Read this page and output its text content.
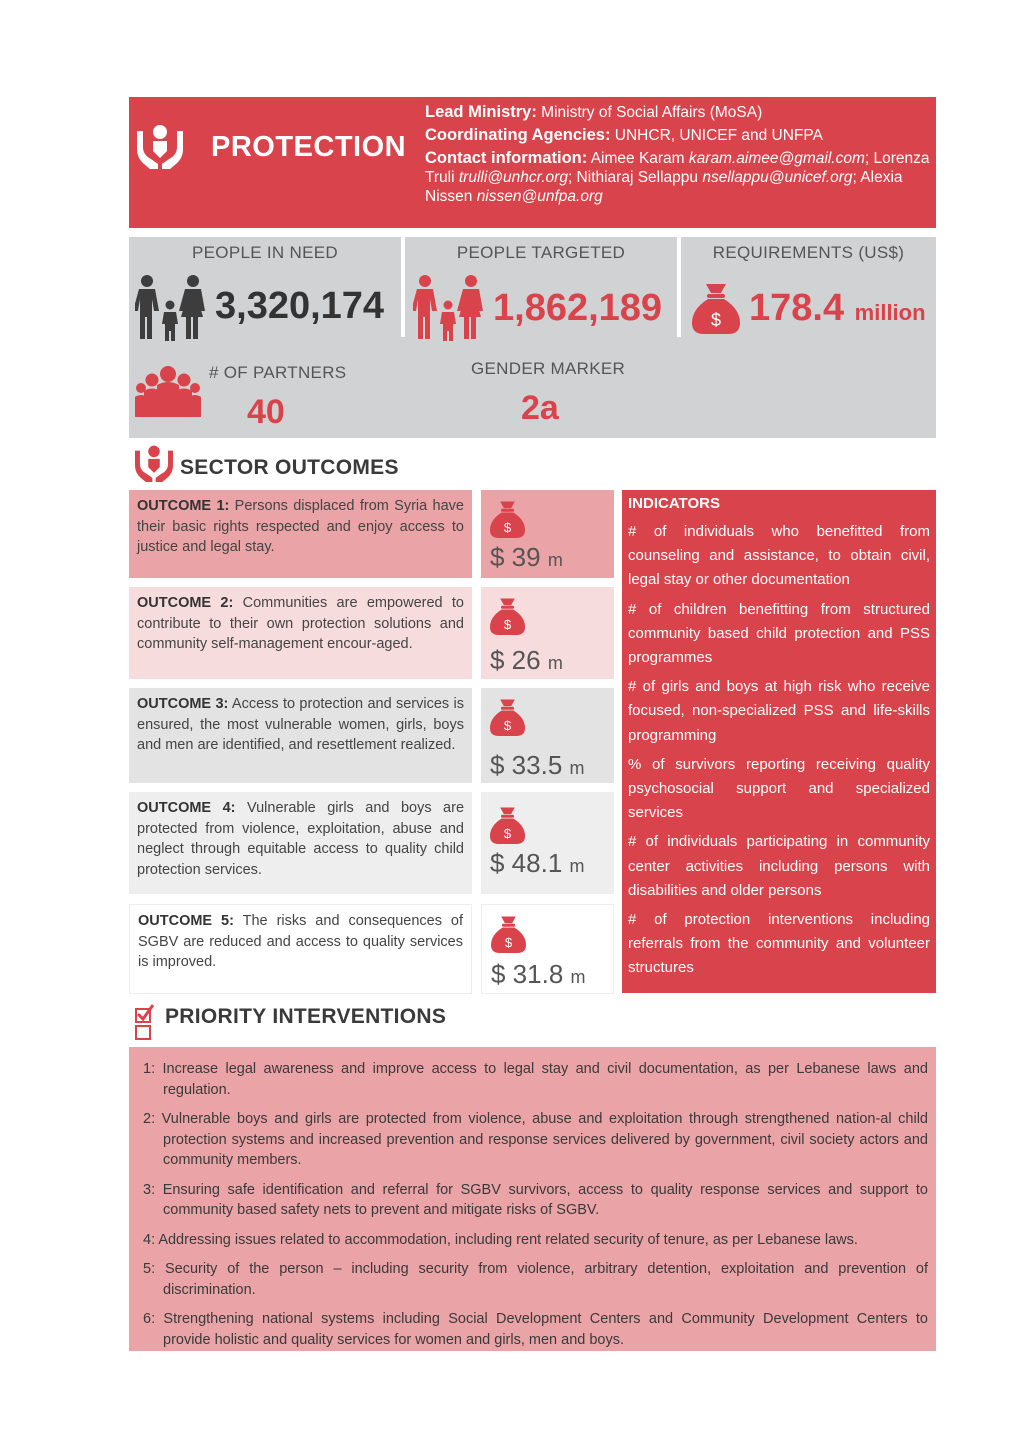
PROTECTION
Lead Ministry: Ministry of Social Affairs (MoSA)
Coordinating Agencies: UNHCR, UNICEF and UNFPA
Contact information: Aimee Karam karam.aimee@gmail.com; Lorenza Truli trulli@unhcr.org; Nithiaraj Sellappu nsellappu@unicef.org; Alexia Nissen nissen@unfpa.org
PEOPLE IN NEED
3,320,174
PEOPLE TARGETED
1,862,189
REQUIREMENTS (US$)
$ 178.4 million
# OF PARTNERS
40
GENDER MARKER
2a
SECTOR OUTCOMES
OUTCOME 1: Persons displaced from Syria have their basic rights respected and enjoy access to justice and legal stay.
$
$ 39 m
OUTCOME 2: Communities are empowered to contribute to their own protection solutions and community self-management encour-aged.
$
$ 26 m
OUTCOME 3: Access to protection and services is ensured, the most vulnerable women, girls, boys and men are identified, and resettlement realized.
$
$ 33.5 m
OUTCOME 4: Vulnerable girls and boys are protected from violence, exploitation, abuse and neglect through equitable access to quality child protection services.
$
$ 48.1 m
OUTCOME 5: The risks and consequences of SGBV are reduced and access to quality services is improved.
$
$ 31.8 m
INDICATORS
# of individuals who benefitted from counseling and assistance, to obtain civil, legal stay or other documentation
# of children benefitting from structured community based child protection and PSS programmes
# of girls and boys at high risk who receive focused, non-specialized PSS and life-skills programming
% of survivors reporting receiving quality psychosocial support and specialized services
# of individuals participating in community center activities including persons with disabilities and older persons
# of protection interventions including referrals from the community and volunteer structures
PRIORITY INTERVENTIONS
1: Increase legal awareness and improve access to legal stay and civil documentation, as per Lebanese laws and regulation.
2: Vulnerable boys and girls are protected from violence, abuse and exploitation through strengthened nation-al child protection systems and increased prevention and response services delivered by government, civil society actors and community members.
3: Ensuring safe identification and referral for SGBV survivors, access to quality response services and support to community based safety nets to prevent and mitigate risks of SGBV.
4: Addressing issues related to accommodation, including rent related security of tenure, as per Lebanese laws.
5: Security of the person – including security from violence, arbitrary detention, exploitation and prevention of discrimination.
6: Strengthening national systems including Social Development Centers and Community Development Centers to provide holistic and quality services for women and girls, men and boys.
